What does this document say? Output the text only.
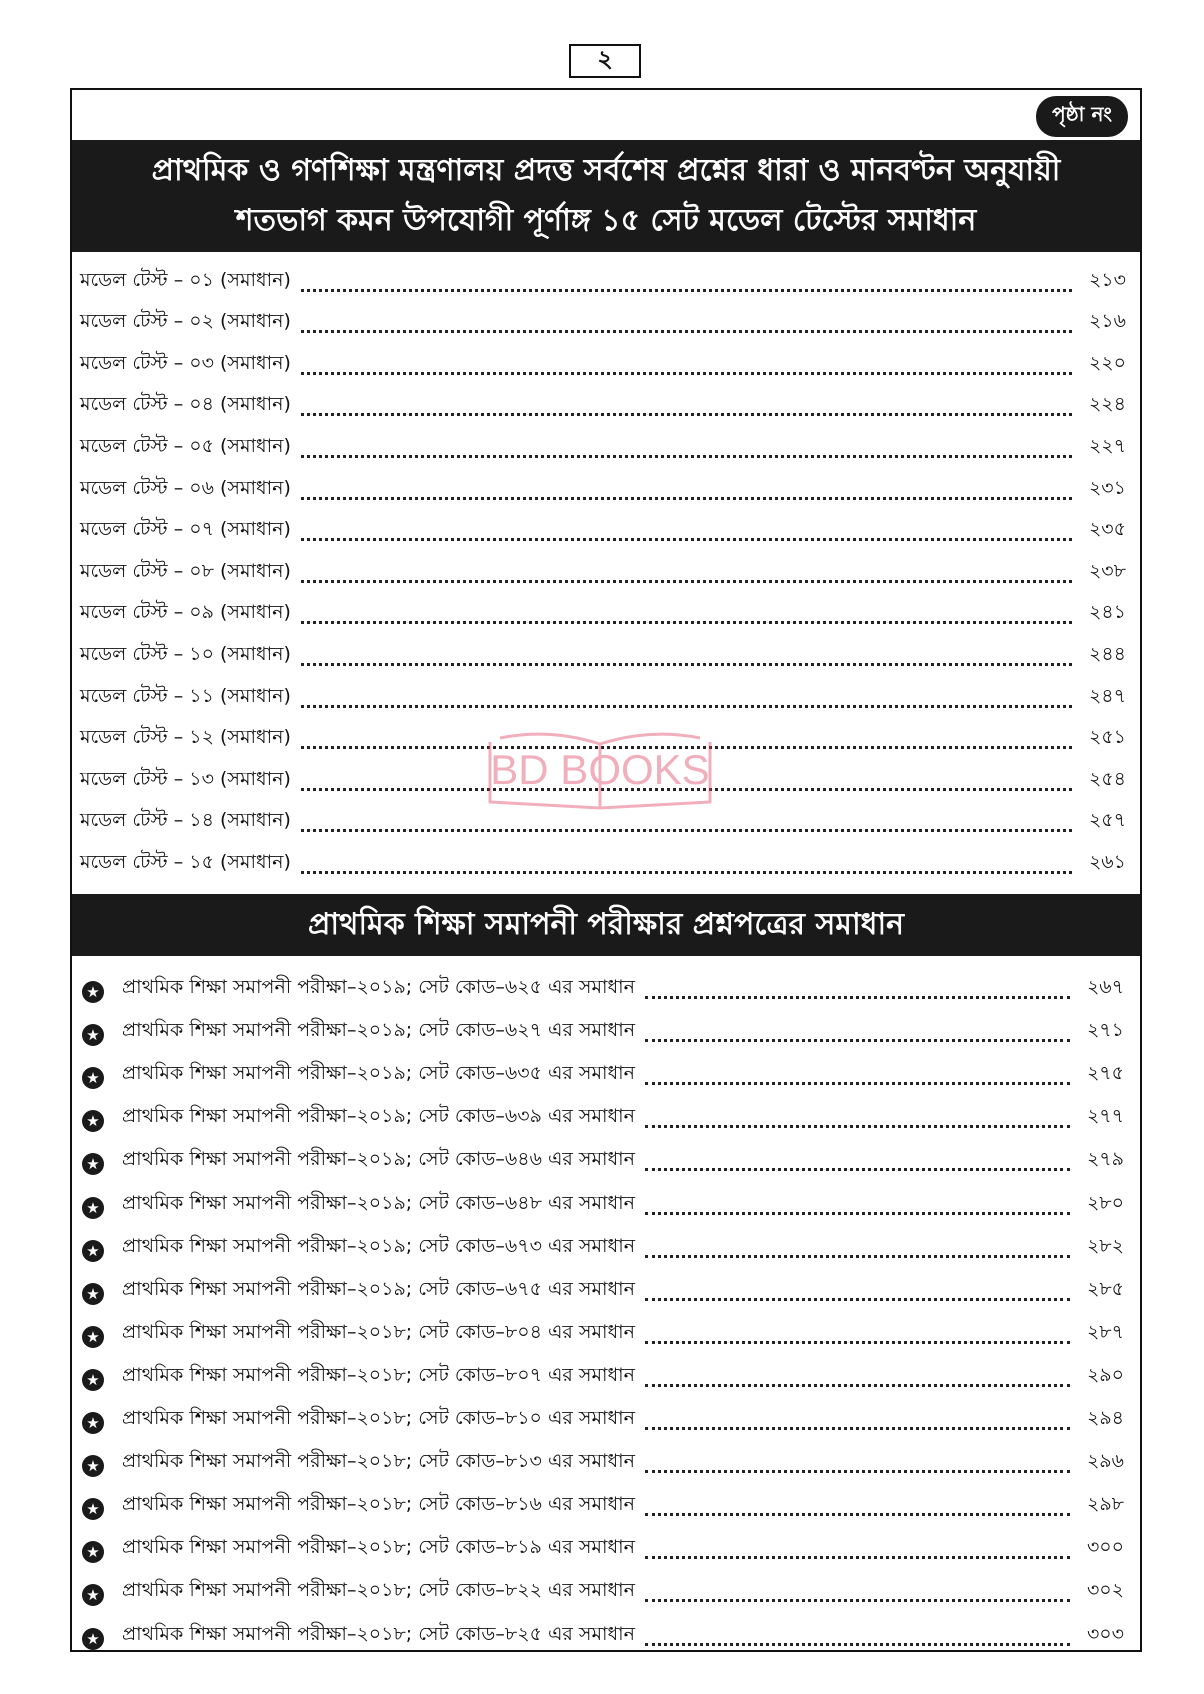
২
পৃষ্ঠা নং
প্রাথমিক ও গণশিক্ষা মন্ত্রণালয় প্রদত্ত সর্বশেষ প্রশ্নের ধারা ও মানবণ্টন অনুযায়ী
শতভাগ কমন উপযোগী পূর্ণাঙ্গ ১৫ সেট মডেল টেস্টের সমাধান
মডেল টেস্ট – ০১ (সমাধান)	২১৩
মডেল টেস্ট – ০২ (সমাধান)	২১৬
মডেল টেস্ট – ০৩ (সমাধান)	২২০
মডেল টেস্ট – ০৪ (সমাধান)	২২৪
মডেল টেস্ট – ০৫ (সমাধান)	২২৭
মডেল টেস্ট – ০৬ (সমাধান)	২৩১
মডেল টেস্ট – ০৭ (সমাধান)	২৩৫
মডেল টেস্ট – ০৮ (সমাধান)	২৩৮
মডেল টেস্ট – ০৯ (সমাধান)	২৪১
মডেল টেস্ট – ১০ (সমাধান)	২৪৪
মডেল টেস্ট – ১১ (সমাধান)	২৪৭
মডেল টেস্ট – ১২ (সমাধান)	২৫১
মডেল টেস্ট – ১৩ (সমাধান)	২৫৪
মডেল টেস্ট – ১৪ (সমাধান)	২৫৭
মডেল টেস্ট – ১৫ (সমাধান)	২৬১
প্রাথমিক শিক্ষা সমাপনী পরীক্ষার প্রশ্নপত্রের সমাধান
★ প্রাথমিক শিক্ষা সমাপনী পরীক্ষা–২০১৯; সেট কোড–৬২৫ এর সমাধান	২৬৭
★ প্রাথমিক শিক্ষা সমাপনী পরীক্ষা–২০১৯; সেট কোড–৬২৭ এর সমাধান	২৭১
★ প্রাথমিক শিক্ষা সমাপনী পরীক্ষা–২০১৯; সেট কোড–৬৩৫ এর সমাধান	২৭৫
★ প্রাথমিক শিক্ষা সমাপনী পরীক্ষা–২০১৯; সেট কোড–৬৩৯ এর সমাধান	২৭৭
★ প্রাথমিক শিক্ষা সমাপনী পরীক্ষা–২০১৯; সেট কোড–৬৪৬ এর সমাধান	২৭৯
★ প্রাথমিক শিক্ষা সমাপনী পরীক্ষা–২০১৯; সেট কোড–৬৪৮ এর সমাধান	২৮০
★ প্রাথমিক শিক্ষা সমাপনী পরীক্ষা–২০১৯; সেট কোড–৬৭৩ এর সমাধান	২৮২
★ প্রাথমিক শিক্ষা সমাপনী পরীক্ষা–২০১৯; সেট কোড–৬৭৫ এর সমাধান	২৮৫
★ প্রাথমিক শিক্ষা সমাপনী পরীক্ষা–২০১৮; সেট কোড–৮০৪ এর সমাধান	২৮৭
★ প্রাথমিক শিক্ষা সমাপনী পরীক্ষা–২০১৮; সেট কোড–৮০৭ এর সমাধান	২৯০
★ প্রাথমিক শিক্ষা সমাপনী পরীক্ষা–২০১৮; সেট কোড–৮১০ এর সমাধান	২৯৪
★ প্রাথমিক শিক্ষা সমাপনী পরীক্ষা–২০১৮; সেট কোড–৮১৩ এর সমাধান	২৯৬
★ প্রাথমিক শিক্ষা সমাপনী পরীক্ষা–২০১৮; সেট কোড–৮১৬ এর সমাধান	২৯৮
★ প্রাথমিক শিক্ষা সমাপনী পরীক্ষা–২০১৮; সেট কোড–৮১৯ এর সমাধান	৩০০
★ প্রাথমিক শিক্ষা সমাপনী পরীক্ষা–২০১৮; সেট কোড–৮২২ এর সমাধান	৩০২
★ প্রাথমিক শিক্ষা সমাপনী পরীক্ষা–২০১৮; সেট কোড–৮২৫ এর সমাধান	৩০৩
BD BOOKS
